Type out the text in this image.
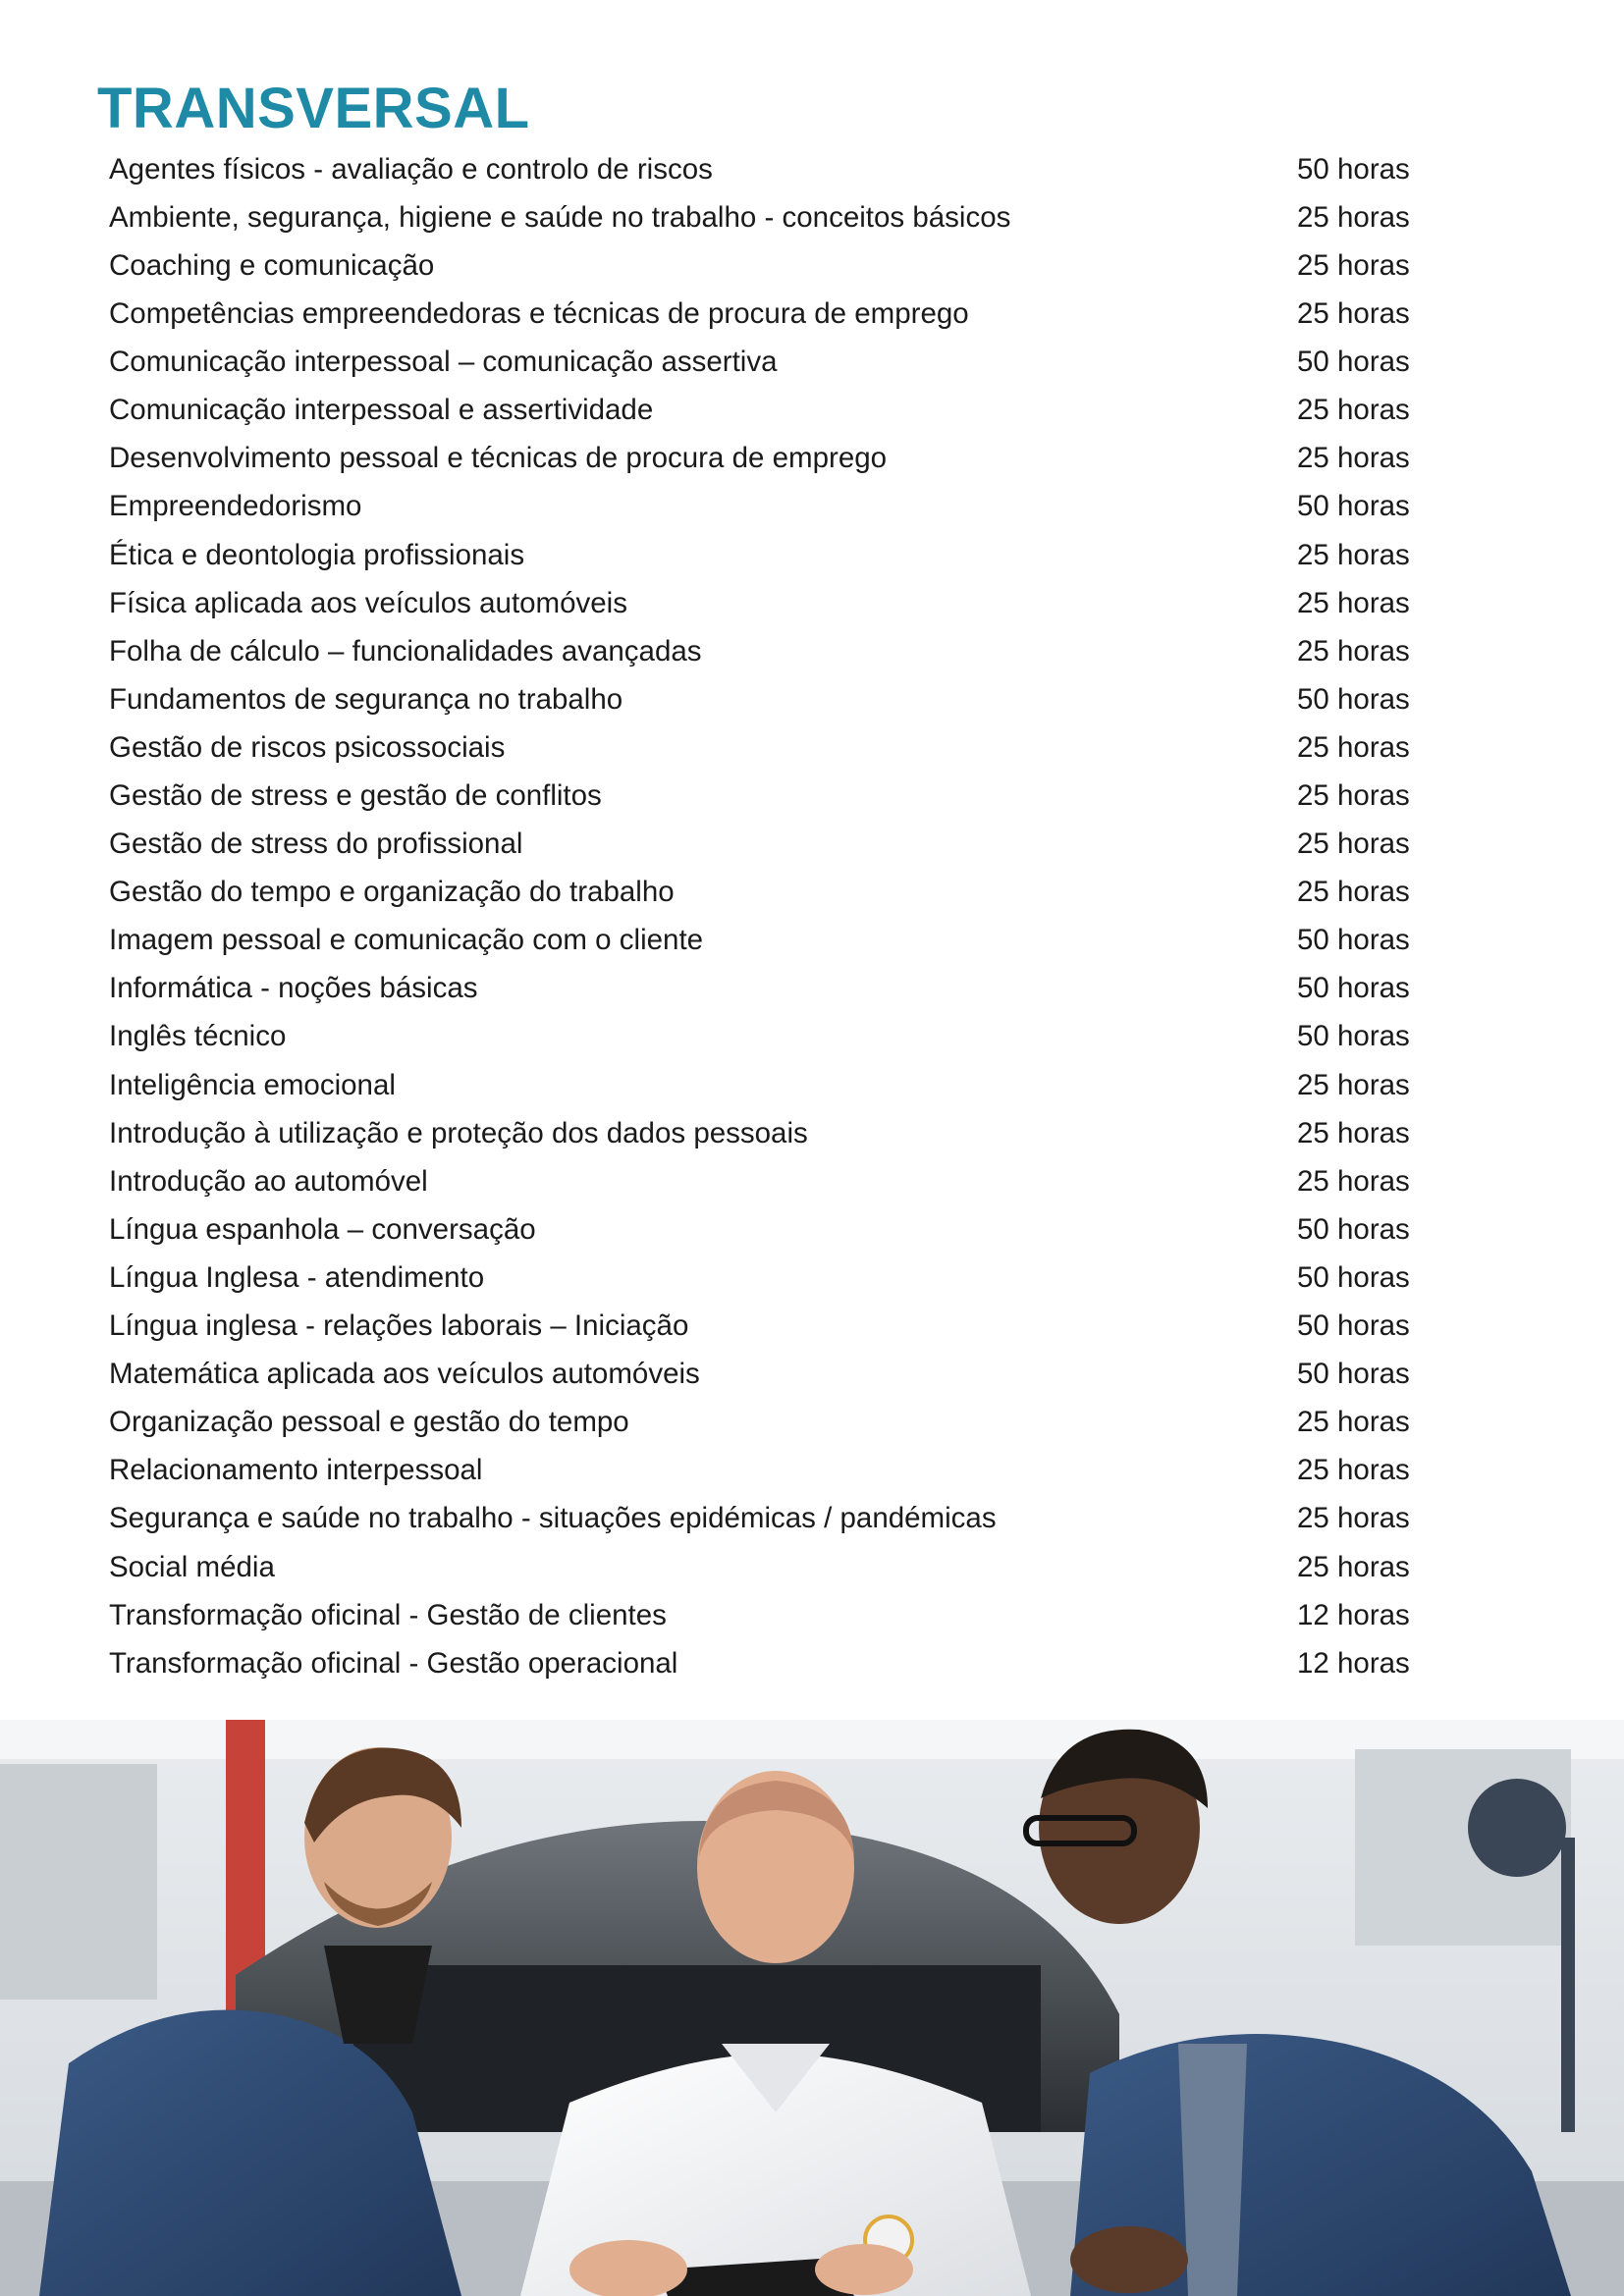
TRANSVERSAL
Agentes físicos - avaliação e controlo de riscos	50 horas
Ambiente, segurança, higiene e saúde no trabalho - conceitos básicos	25 horas
Coaching e comunicação	25 horas
Competências empreendedoras e técnicas de procura de emprego	25 horas
Comunicação interpessoal – comunicação assertiva	50 horas
Comunicação interpessoal e assertividade	25 horas
Desenvolvimento pessoal e técnicas de procura de emprego	25 horas
Empreendedorismo	50 horas
Ética e deontologia profissionais	25 horas
Física aplicada aos veículos automóveis	25 horas
Folha de cálculo – funcionalidades avançadas	25 horas
Fundamentos de segurança no trabalho	50 horas
Gestão de riscos psicossociais	25 horas
Gestão de stress e gestão de conflitos	25 horas
Gestão de stress do profissional	25 horas
Gestão do tempo e organização do trabalho	25 horas
Imagem pessoal e comunicação com o cliente	50 horas
Informática - noções básicas	50 horas
Inglês técnico	50 horas
Inteligência emocional	25 horas
Introdução à utilização e proteção dos dados pessoais	25 horas
Introdução ao automóvel	25 horas
Língua espanhola – conversação	50 horas
Língua Inglesa - atendimento	50 horas
Língua inglesa - relações laborais – Iniciação	50 horas
Matemática aplicada aos veículos automóveis	50 horas
Organização pessoal e gestão do tempo	25 horas
Relacionamento interpessoal	25 horas
Segurança e saúde no trabalho - situações epidémicas / pandémicas	25 horas
Social média	25 horas
Transformação oficinal - Gestão de clientes	12 horas
Transformação oficinal - Gestão operacional	12 horas
